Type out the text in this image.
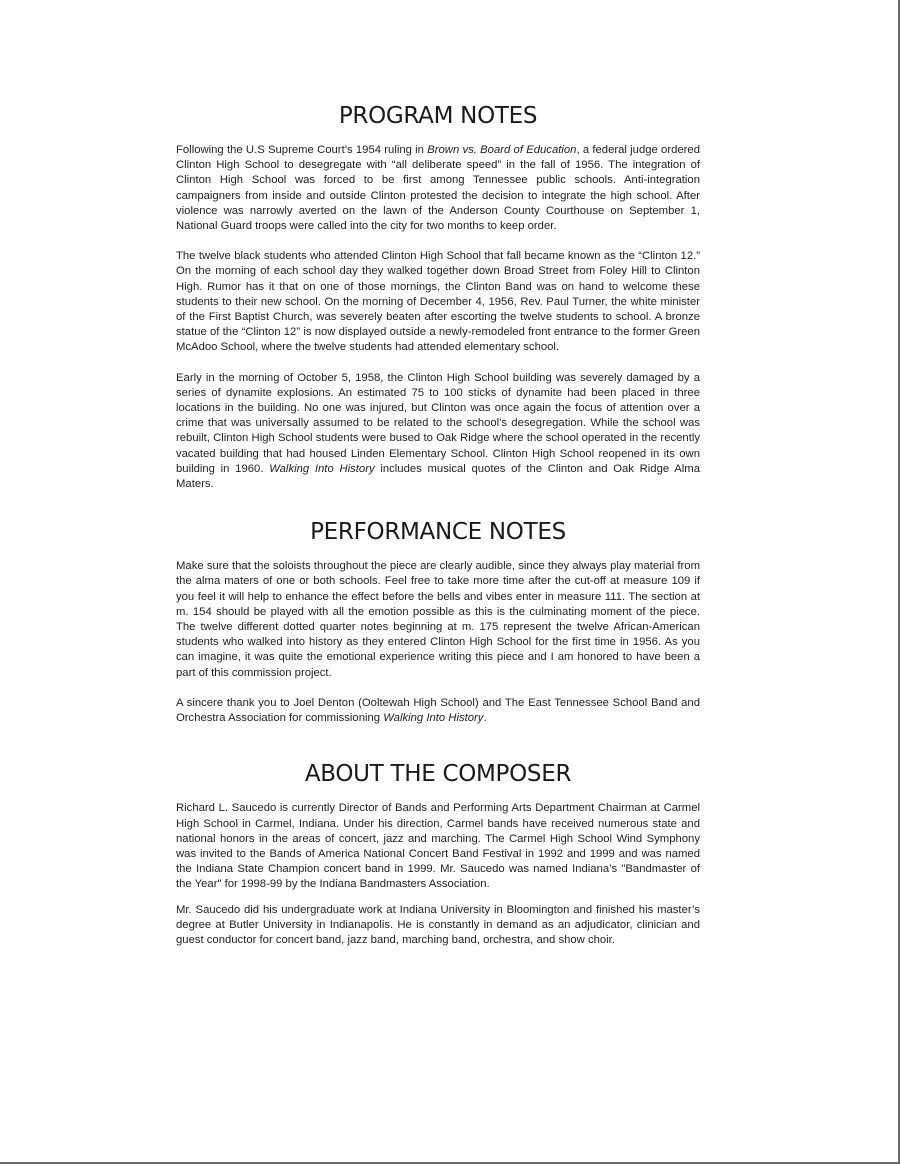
PROGRAM NOTES

Following the U.S Supreme Court’s 1954 ruling in Brown vs. Board of Education, a federal judge ordered Clinton High School to desegregate with “all deliberate speed” in the fall of 1956. The integration of Clinton High School was forced to be first among Tennessee public schools. Anti-integration campaigners from inside and outside Clinton protested the decision to integrate the high school. After violence was narrowly averted on the lawn of the Anderson County Courthouse on September 1, National Guard troops were called into the city for two months to keep order.

The twelve black students who attended Clinton High School that fall became known as the “Clinton 12.” On the morning of each school day they walked together down Broad Street from Foley Hill to Clinton High. Rumor has it that on one of those mornings, the Clinton Band was on hand to welcome these students to their new school. On the morning of December 4, 1956, Rev. Paul Turner, the white minister of the First Baptist Church, was severely beaten after escorting the twelve students to school. A bronze statue of the “Clinton 12” is now displayed outside a newly-remodeled front entrance to the former Green McAdoo School, where the twelve students had attended elementary school.

Early in the morning of October 5, 1958, the Clinton High School building was severely damaged by a series of dynamite explosions. An estimated 75 to 100 sticks of dynamite had been placed in three locations in the building. No one was injured, but Clinton was once again the focus of attention over a crime that was universally assumed to be related to the school's desegregation. While the school was rebuilt, Clinton High School students were bused to Oak Ridge where the school operated in the recently vacated building that had housed Linden Elementary School. Clinton High School reopened in its own building in 1960. Walking Into History includes musical quotes of the Clinton and Oak Ridge Alma Maters.

PERFORMANCE NOTES

Make sure that the soloists throughout the piece are clearly audible, since they always play material from the alma maters of one or both schools. Feel free to take more time after the cut-off at measure 109 if you feel it will help to enhance the effect before the bells and vibes enter in measure 111. The section at m. 154 should be played with all the emotion possible as this is the culminating moment of the piece. The twelve different dotted quarter notes beginning at m. 175 represent the twelve African-American students who walked into history as they entered Clinton High School for the first time in 1956. As you can imagine, it was quite the emotional experience writing this piece and I am honored to have been a part of this commission project.

A sincere thank you to Joel Denton (Ooltewah High School) and The East Tennessee School Band and Orchestra Association for commissioning Walking Into History.

ABOUT THE COMPOSER

Richard L. Saucedo is currently Director of Bands and Performing Arts Department Chairman at Carmel High School in Carmel, Indiana. Under his direction, Carmel bands have received numerous state and national honors in the areas of concert, jazz and marching. The Carmel High School Wind Symphony was invited to the Bands of America National Concert Band Festival in 1992 and 1999 and was named the Indiana State Champion concert band in 1999. Mr. Saucedo was named Indiana’s "Bandmaster of the Year" for 1998-99 by the Indiana Bandmasters Association.

Mr. Saucedo did his undergraduate work at Indiana University in Bloomington and finished his master’s degree at Butler University in Indianapolis. He is constantly in demand as an adjudicator, clinician and guest conductor for concert band, jazz band, marching band, orchestra, and show choir.
